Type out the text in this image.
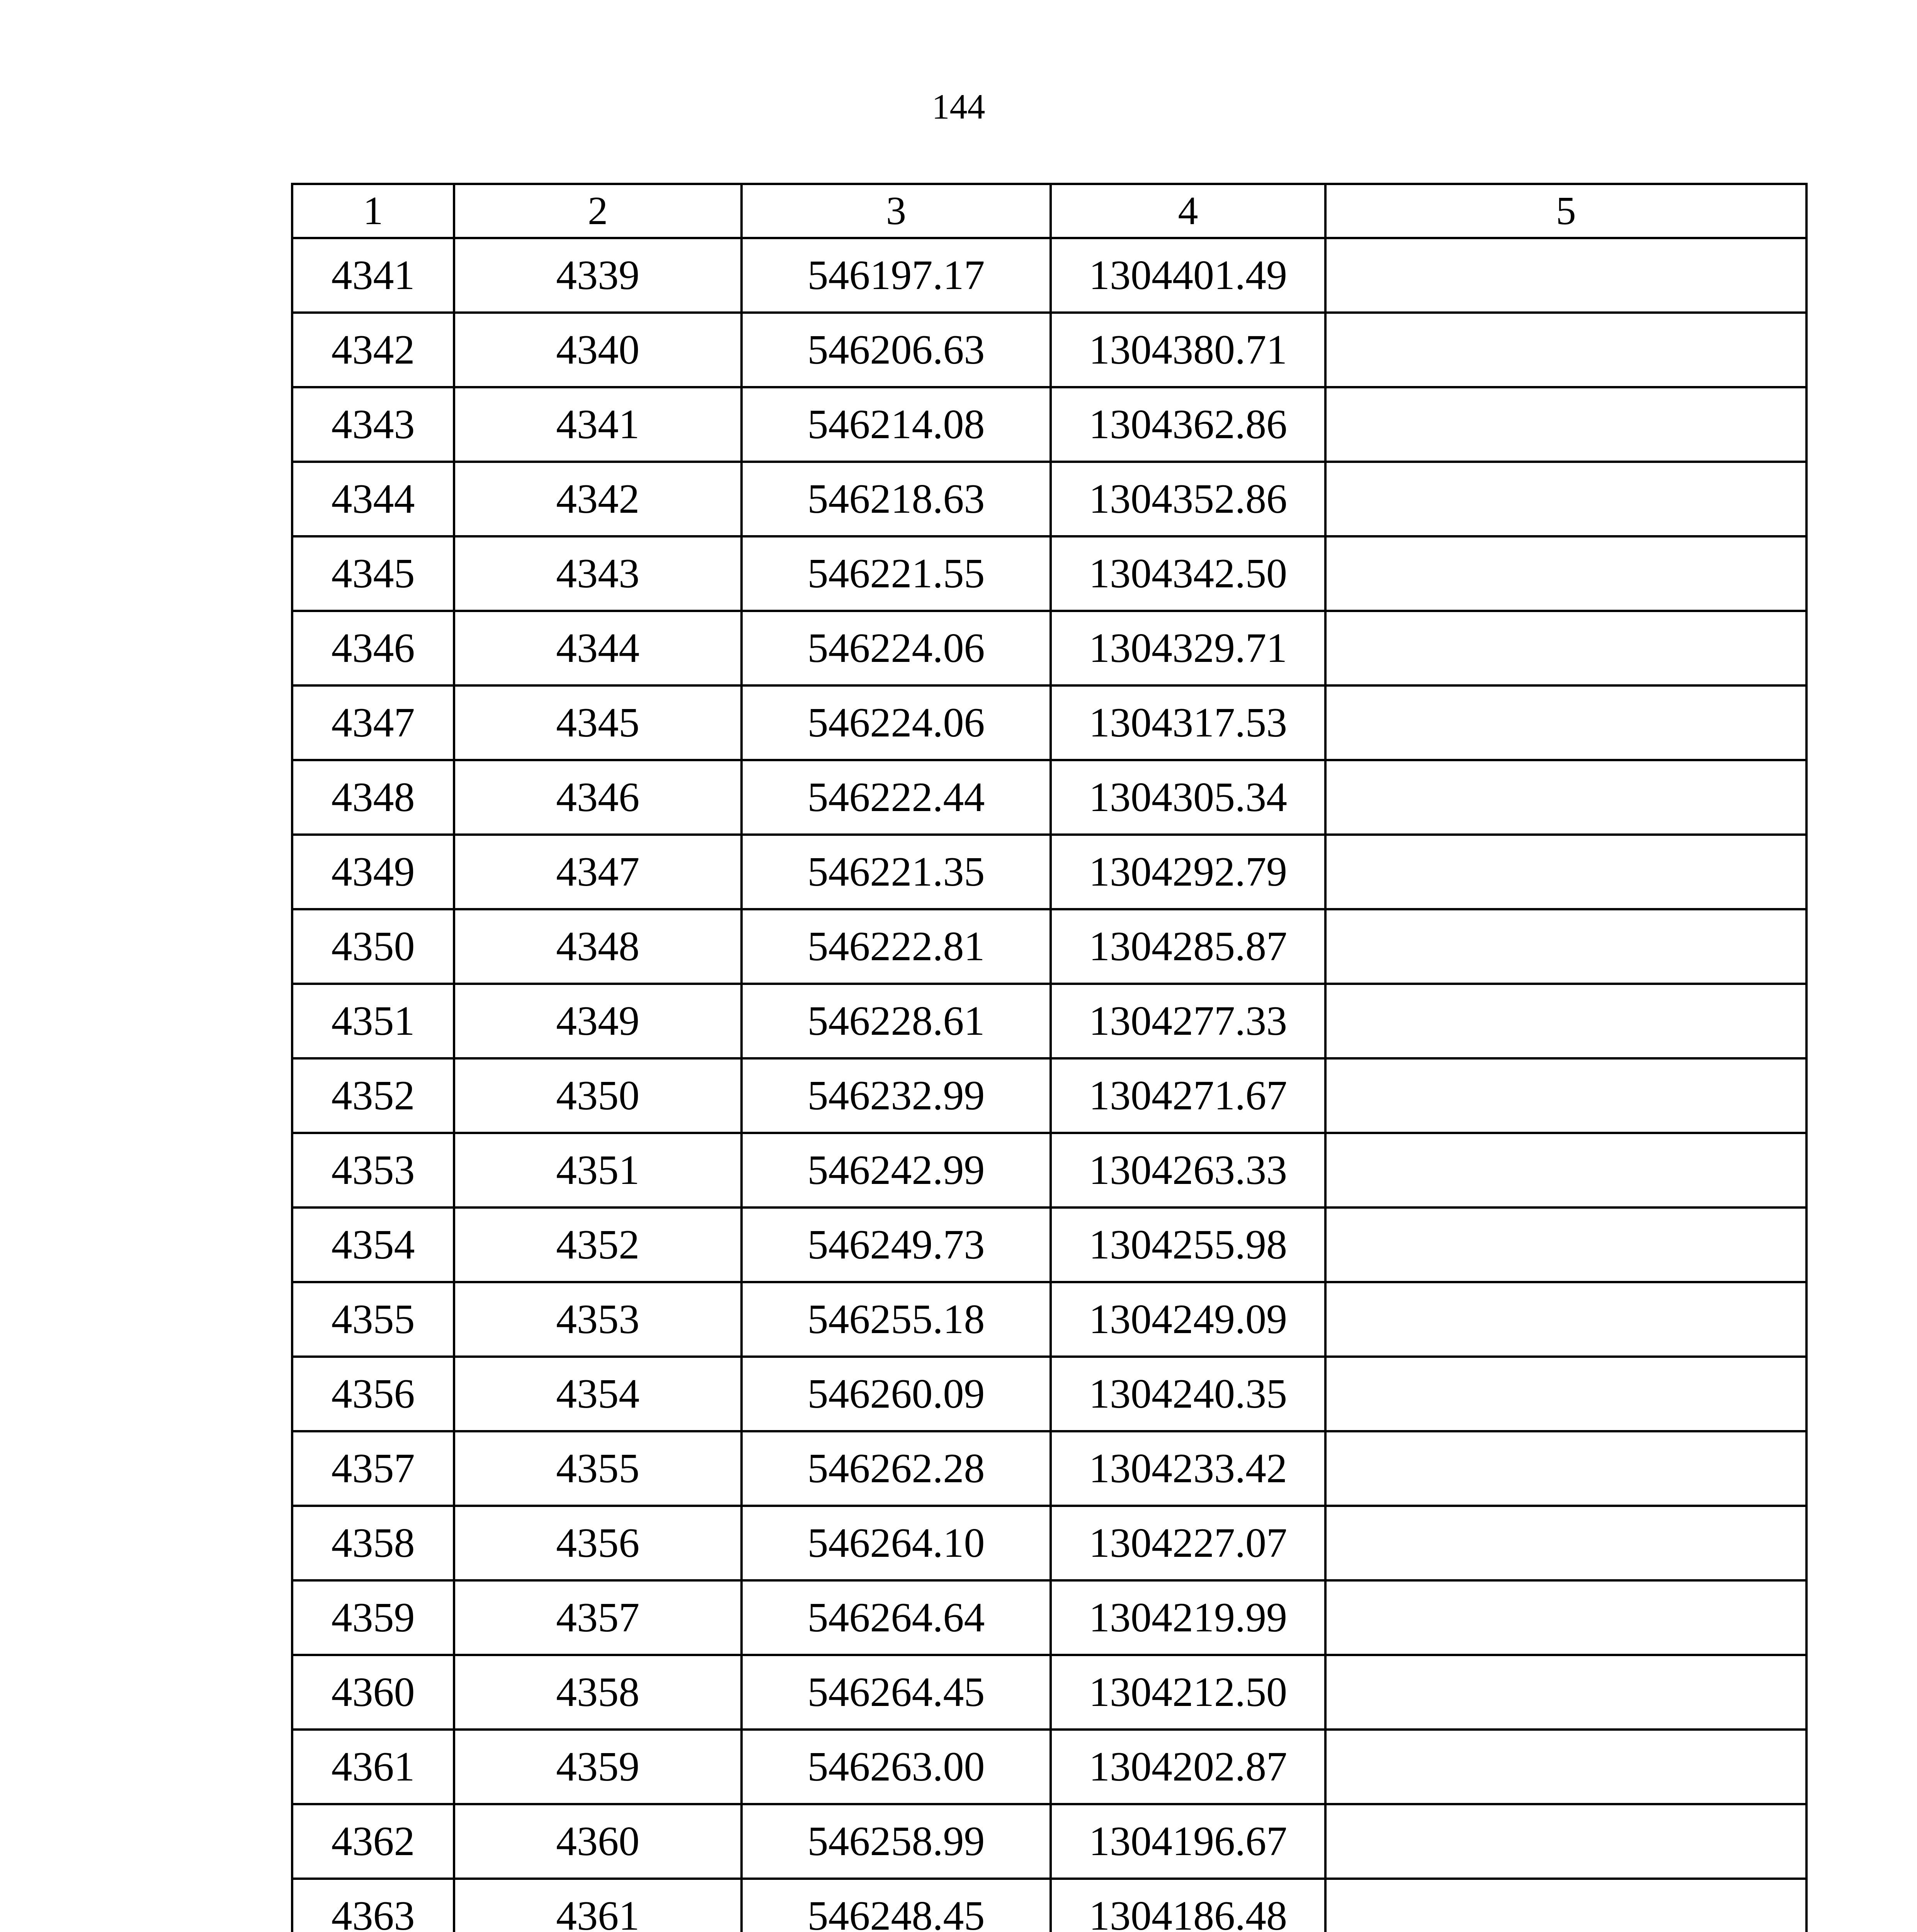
144
1	2	3	4	5
4341	4339	546197.17	1304401.49	
4342	4340	546206.63	1304380.71	
4343	4341	546214.08	1304362.86	
4344	4342	546218.63	1304352.86	
4345	4343	546221.55	1304342.50	
4346	4344	546224.06	1304329.71	
4347	4345	546224.06	1304317.53	
4348	4346	546222.44	1304305.34	
4349	4347	546221.35	1304292.79	
4350	4348	546222.81	1304285.87	
4351	4349	546228.61	1304277.33	
4352	4350	546232.99	1304271.67	
4353	4351	546242.99	1304263.33	
4354	4352	546249.73	1304255.98	
4355	4353	546255.18	1304249.09	
4356	4354	546260.09	1304240.35	
4357	4355	546262.28	1304233.42	
4358	4356	546264.10	1304227.07	
4359	4357	546264.64	1304219.99	
4360	4358	546264.45	1304212.50	
4361	4359	546263.00	1304202.87	
4362	4360	546258.99	1304196.67	
4363	4361	546248.45	1304186.48	
